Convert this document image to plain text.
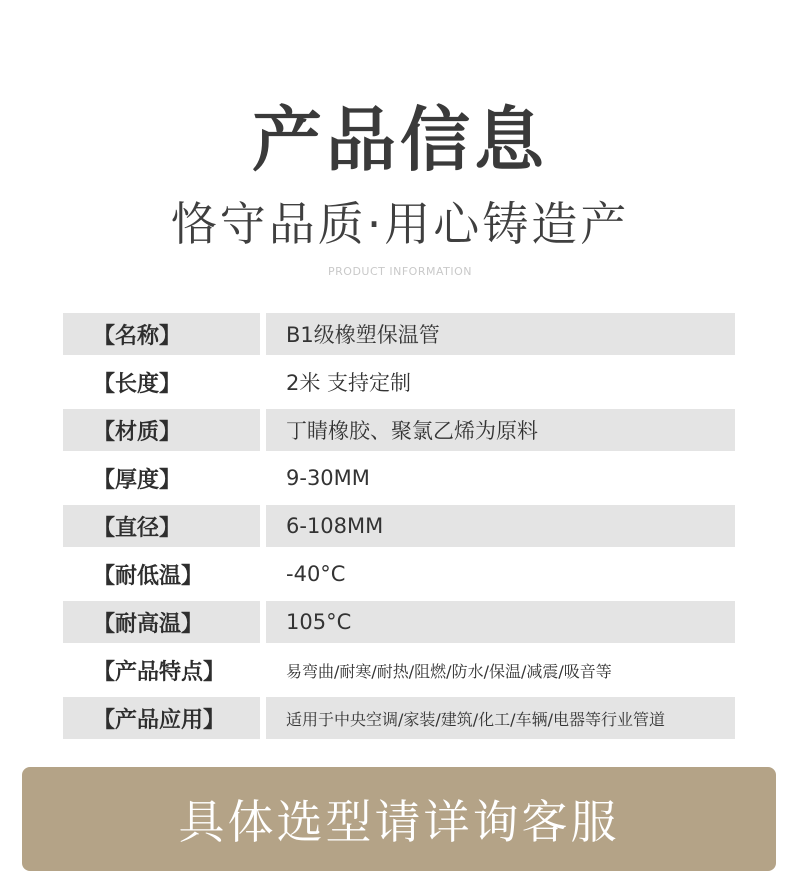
产品信息
恪守品质·用心铸造产
PRODUCT INFORMATION
【名称】	B1级橡塑保温管
【长度】	2米 支持定制
【材质】	丁睛橡胶、聚氯乙烯为原料
【厚度】	9-30MM
【直径】	6-108MM
【耐低温】	-40°C
【耐高温】	105°C
【产品特点】	易弯曲/耐寒/耐热/阻燃/防水/保温/减震/吸音等
【产品应用】	适用于中央空调/家装/建筑/化工/车辆/电器等行业管道
具体选型请详询客服
